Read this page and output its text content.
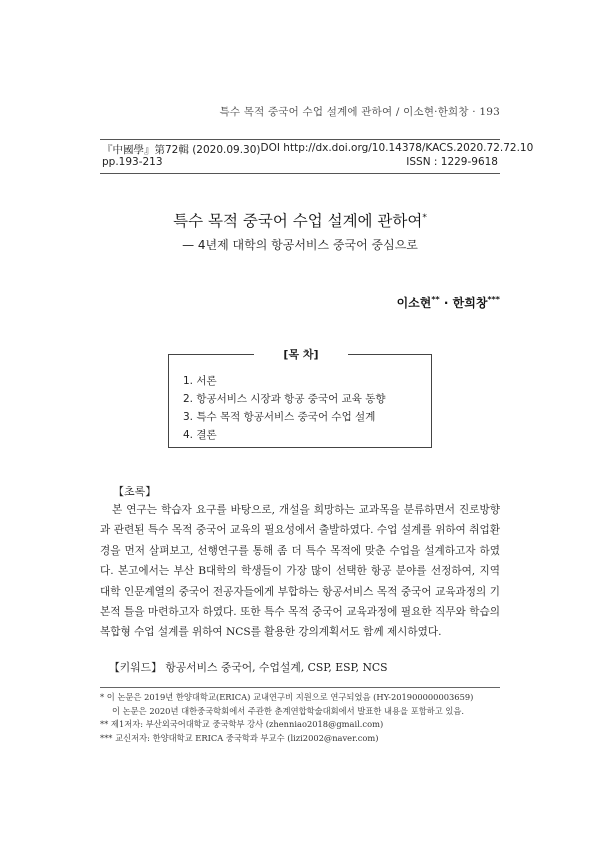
특수 목적 중국어 수업 설계에 관하여 / 이소현·한희창 · 193
『中國學』第72輯 (2020.09.30) DOI http://dx.doi.org/10.14378/KACS.2020.72.72.10
pp.193-213	ISSN : 1229-9618
특수 목적 중국어 수업 설계에 관하여*
— 4년제 대학의 항공서비스 중국어 중심으로
이소현** · 한희창***
[목 차]
1. 서론
2. 항공서비스 시장과 항공 중국어 교육 동향
3. 특수 목적 항공서비스 중국어 수업 설계
4. 결론
【초록】

본 연구는 학습자 요구를 바탕으로, 개설을 희망하는 교과목을 분류하면서 진로방향과 관련된 특수 목적 중국어 교육의 필요성에서 출발하였다. 수업 설계를 위하여 취업환경을 먼저 살펴보고, 선행연구를 통해 좀 더 특수 목적에 맞춘 수업을 설계하고자 하였다. 본고에서는 부산 B대학의 학생들이 가장 많이 선택한 항공 분야를 선정하여, 지역 대학 인문계열의 중국어 전공자들에게 부합하는 항공서비스 목적 중국어 교육과정의 기본적 틀을 마련하고자 하였다. 또한 특수 목적 중국어 교육과정에 필요한 직무와 학습의 복합형 수업 설계를 위하여 NCS를 활용한 강의계획서도 함께 제시하였다.

【키워드】 항공서비스 중국어, 수업설계, CSP, ESP, NCS
* 이 논문은 2019년 한양대학교(ERICA) 교내연구비 지원으로 연구되었음 (HY-201900000003659)
이 논문은 2020년 대한중국학회에서 주관한 춘계연합학술대회에서 발표한 내용을 포함하고 있음.
** 제1저자: 부산외국어대학교 중국학부 강사 (zhenniao2018@gmail.com)
*** 교신저자: 한양대학교 ERICA 중국학과 부교수 (lizi2002@naver.com)
